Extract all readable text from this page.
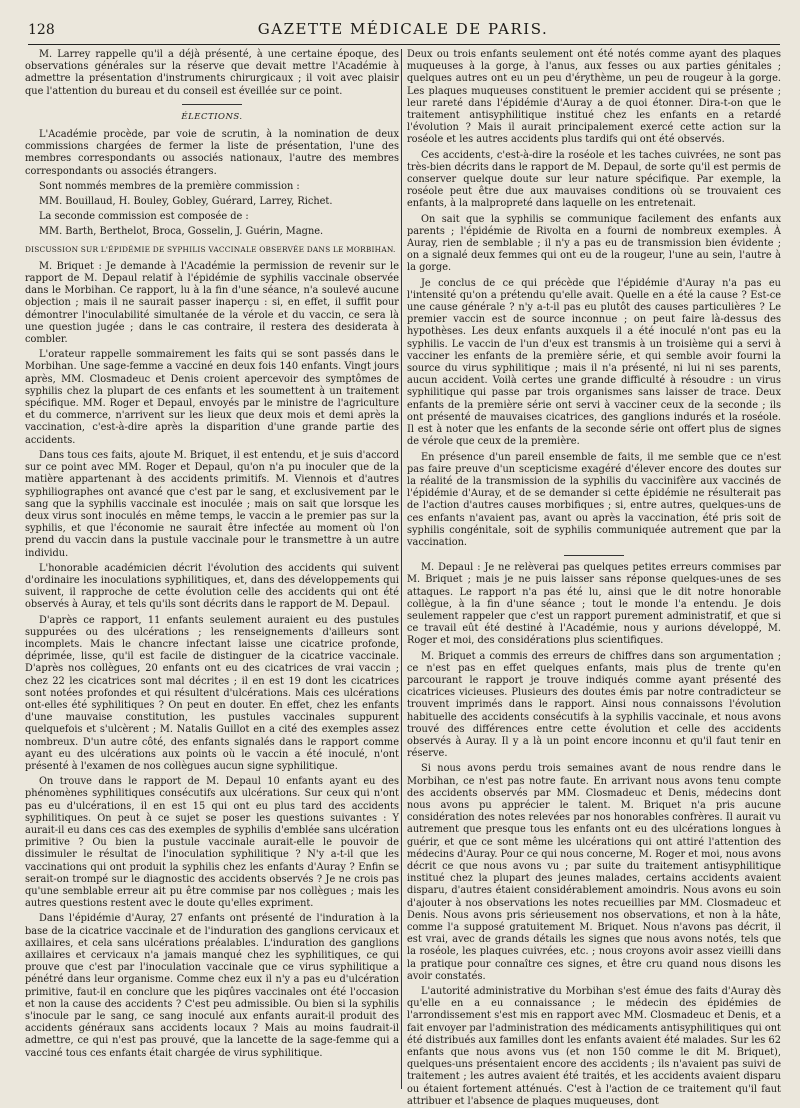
128	GAZETTE MÉDICALE DE PARIS.

M. Larrey rappelle qu'il a déjà présenté, à une certaine époque, des observations générales sur la réserve que devait mettre l'Académie à admettre la présentation d'instruments chirurgicaux ; il voit avec plaisir que l'attention du bureau et du conseil est éveillée sur ce point.

ÉLECTIONS.

L'Académie procède, par voie de scrutin, à la nomination de deux commissions chargées de fermer la liste de présentation, l'une des membres correspondants ou associés nationaux, l'autre des membres correspondants ou associés étrangers.

Sont nommés membres de la première commission :

MM. Bouillaud, H. Bouley, Gobley, Guérard, Larrey, Richet.

La seconde commission est composée de :

MM. Barth, Berthelot, Broca, Gosselin, J. Guérin, Magne.

DISCUSSION SUR L'ÉPIDÉMIE DE SYPHILIS VACCINALE OBSERVÉE DANS LE MORBIHAN.

M. Briquet : Je demande à l'Académie la permission de revenir sur le rapport de M. Depaul relatif à l'épidémie de syphilis vaccinale observée dans le Morbihan. Ce rapport, lu à la fin d'une séance, n'a soulevé aucune objection ; mais il ne saurait passer inaperçu : si, en effet, il suffit pour démontrer l'inoculabilité simultanée de la vérole et du vaccin, ce sera là une question jugée ; dans le cas contraire, il restera des desiderata à combler.

L'orateur rappelle sommairement les faits qui se sont passés dans le Morbihan. Une sage-femme a vacciné en deux fois 140 enfants. Vingt jours après, MM. Closmadeuc et Denis croient apercevoir des symptômes de syphilis chez la plupart de ces enfants et les soumettent à un traitement spécifique. MM. Roger et Depaul, envoyés par le ministre de l'agriculture et du commerce, n'arrivent sur les lieux que deux mois et demi après la vaccination, c'est-à-dire après la disparition d'une grande partie des accidents.

Dans tous ces faits, ajoute M. Briquet, il est entendu, et je suis d'accord sur ce point avec MM. Roger et Depaul, qu'on n'a pu inoculer que de la matière appartenant à des accidents primitifs. M. Viennois et d'autres syphiliographes ont avancé que c'est par le sang, et exclusivement par le sang que la syphilis vaccinale est inoculée ; mais on sait que lorsque les deux virus sont inoculés en même temps, le vaccin a le premier pas sur la syphilis, et que l'économie ne saurait être infectée au moment où l'on prend du vaccin dans la pustule vaccinale pour le transmettre à un autre individu.

L'honorable académicien décrit l'évolution des accidents qui suivent d'ordinaire les inoculations syphilitiques, et, dans des développements qui suivent, il rapproche de cette évolution celle des accidents qui ont été observés à Auray, et tels qu'ils sont décrits dans le rapport de M. Depaul.

D'après ce rapport, 11 enfants seulement auraient eu des pustules suppurées ou des ulcérations ; les renseignements d'ailleurs sont incomplets. Mais le chancre infectant laisse une cicatrice profonde, déprimée, lisse, qu'il est facile de distinguer de la cicatrice vaccinale. D'après nos collègues, 20 enfants ont eu des cicatrices de vrai vaccin ; chez 22 les cicatrices sont mal décrites ; il en est 19 dont les cicatrices sont notées profondes et qui résultent d'ulcérations. Mais ces ulcérations ont-elles été syphilitiques ? On peut en douter. En effet, chez les enfants d'une mauvaise constitution, les pustules vaccinales suppurent quelquefois et s'ulcèrent ; M. Natalis Guillot en a cité des exemples assez nombreux. D'un autre côté, des enfants signalés dans le rapport comme ayant eu des ulcérations aux points où le vaccin a été inoculé, n'ont présenté à l'examen de nos collègues aucun signe syphilitique.

On trouve dans le rapport de M. Depaul 10 enfants ayant eu des phénomènes syphilitiques consécutifs aux ulcérations. Sur ceux qui n'ont pas eu d'ulcérations, il en est 15 qui ont eu plus tard des accidents syphilitiques. On peut à ce sujet se poser les questions suivantes : Y aurait-il eu dans ces cas des exemples de syphilis d'emblée sans ulcération primitive ? Ou bien la pustule vaccinale aurait-elle le pouvoir de dissimuler le résultat de l'inoculation syphilitique ? N'y a-t-il que les vaccinations qui ont produit la syphilis chez les enfants d'Auray ? Enfin se serait-on trompé sur le diagnostic des accidents observés ? Je ne crois pas qu'une semblable erreur ait pu être commise par nos collègues ; mais les autres questions restent avec le doute qu'elles expriment.

Dans l'épidémie d'Auray, 27 enfants ont présenté de l'induration à la base de la cicatrice vaccinale et de l'induration des ganglions cervicaux et axillaires, et cela sans ulcérations préalables. L'induration des ganglions axillaires et cervicaux n'a jamais manqué chez les syphilitiques, ce qui prouve que c'est par l'inoculation vaccinale que ce virus syphilitique a pénétré dans leur organisme. Comme chez eux il n'y a pas eu d'ulcération primitive, faut-il en conclure que les piqûres vaccinales ont été l'occasion et non la cause des accidents ? C'est peu admissible. Ou bien si la syphilis s'inocule par le sang, ce sang inoculé aux enfants aurait-il produit des accidents généraux sans accidents locaux ? Mais au moins faudrait-il admettre, ce qui n'est pas prouvé, que la lancette de la sage-femme qui a vacciné tous ces enfants était chargée de virus syphilitique.

Deux ou trois enfants seulement ont été notés comme ayant des plaques muqueuses à la gorge, à l'anus, aux fesses ou aux parties génitales ; quelques autres ont eu un peu d'érythème, un peu de rougeur à la gorge. Les plaques muqueuses constituent le premier accident qui se présente ; leur rareté dans l'épidémie d'Auray a de quoi étonner. Dira-t-on que le traitement antisyphilitique institué chez les enfants en a retardé l'évolution ? Mais il aurait principalement exercé cette action sur la roséole et les autres accidents plus tardifs qui ont été observés.

Ces accidents, c'est-à-dire la roséole et les taches cuivrées, ne sont pas très-bien décrits dans le rapport de M. Depaul, de sorte qu'il est permis de conserver quelque doute sur leur nature spécifique. Par exemple, la roséole peut être due aux mauvaises conditions où se trouvaient ces enfants, à la malpropreté dans laquelle on les entretenait.

On sait que la syphilis se communique facilement des enfants aux parents ; l'épidémie de Rivolta en a fourni de nombreux exemples. À Auray, rien de semblable ; il n'y a pas eu de transmission bien évidente ; on a signalé deux femmes qui ont eu de la rougeur, l'une au sein, l'autre à la gorge.

Je conclus de ce qui précède que l'épidémie d'Auray n'a pas eu l'intensité qu'on a prétendu qu'elle avait. Quelle en a été la cause ? Est-ce une cause générale ? n'y a-t-il pas eu plutôt des causes particulières ? Le premier vaccin est de source inconnue ; on peut faire là-dessus des hypothèses. Les deux enfants auxquels il a été inoculé n'ont pas eu la syphilis. Le vaccin de l'un d'eux est transmis à un troisième qui a servi à vacciner les enfants de la première série, et qui semble avoir fourni la source du virus syphilitique ; mais il n'a présenté, ni lui ni ses parents, aucun accident. Voilà certes une grande difficulté à résoudre : un virus syphilitique qui passe par trois organismes sans laisser de trace. Deux enfants de la première série ont servi à vacciner ceux de la seconde ; ils ont présenté de mauvaises cicatrices, des ganglions indurés et la roséole. Il est à noter que les enfants de la seconde série ont offert plus de signes de vérole que ceux de la première.

En présence d'un pareil ensemble de faits, il me semble que ce n'est pas faire preuve d'un scepticisme exagéré d'élever encore des doutes sur la réalité de la transmission de la syphilis du vaccinifère aux vaccinés de l'épidémie d'Auray, et de se demander si cette épidémie ne résulterait pas de l'action d'autres causes morbifiques ; si, entre autres, quelques-uns de ces enfants n'avaient pas, avant ou après la vaccination, été pris soit de syphilis congénitale, soit de syphilis communiquée autrement que par la vaccination.

M. Depaul : Je ne relèverai pas quelques petites erreurs commises par M. Briquet ; mais je ne puis laisser sans réponse quelques-unes de ses attaques. Le rapport n'a pas été lu, ainsi que le dit notre honorable collègue, à la fin d'une séance ; tout le monde l'a entendu. Je dois seulement rappeler que c'est un rapport purement administratif, et que si ce travail eût été destiné à l'Académie, nous y aurions développé, M. Roger et moi, des considérations plus scientifiques.

M. Briquet a commis des erreurs de chiffres dans son argumentation ; ce n'est pas en effet quelques enfants, mais plus de trente qu'en parcourant le rapport je trouve indiqués comme ayant présenté des cicatrices vicieuses. Plusieurs des doutes émis par notre contradicteur se trouvent imprimés dans le rapport. Ainsi nous connaissons l'évolution habituelle des accidents consécutifs à la syphilis vaccinale, et nous avons trouvé des différences entre cette évolution et celle des accidents observés à Auray. Il y a là un point encore inconnu et qu'il faut tenir en réserve.

Si nous avons perdu trois semaines avant de nous rendre dans le Morbihan, ce n'est pas notre faute. En arrivant nous avons tenu compte des accidents observés par MM. Closmadeuc et Denis, médecins dont nous avons pu apprécier le talent. M. Briquet n'a pris aucune considération des notes relevées par nos honorables confrères. Il aurait vu autrement que presque tous les enfants ont eu des ulcérations longues à guérir, et que ce sont même les ulcérations qui ont attiré l'attention des médecins d'Auray. Pour ce qui nous concerne, M. Roger et moi, nous avons décrit ce que nous avons vu ; par suite du traitement antisyphilitique institué chez la plupart des jeunes malades, certains accidents avaient disparu, d'autres étaient considérablement amoindris. Nous avons eu soin d'ajouter à nos observations les notes recueillies par MM. Closmadeuc et Denis. Nous avons pris sérieusement nos observations, et non à la hâte, comme l'a supposé gratuitement M. Briquet. Nous n'avons pas décrit, il est vrai, avec de grands détails les signes que nous avons notés, tels que la roséole, les plaques cuivrées, etc. ; nous croyons avoir assez vieilli dans la pratique pour connaître ces signes, et être cru quand nous disons les avoir constatés.

L'autorité administrative du Morbihan s'est émue des faits d'Auray dès qu'elle en a eu connaissance ; le médecin des épidémies de l'arrondissement s'est mis en rapport avec MM. Closmadeuc et Denis, et a fait envoyer par l'administration des médicaments antisyphilitiques qui ont été distribués aux familles dont les enfants avaient été malades. Sur les 62 enfants que nous avons vus (et non 150 comme le dit M. Briquet), quelques-uns présentaient encore des accidents ; ils n'avaient pas suivi de traitement ; les autres avaient été traités, et les accidents avaient disparu ou étaient fortement atténués. C'est à l'action de ce traitement qu'il faut attribuer et l'absence de plaques muqueuses, dont
